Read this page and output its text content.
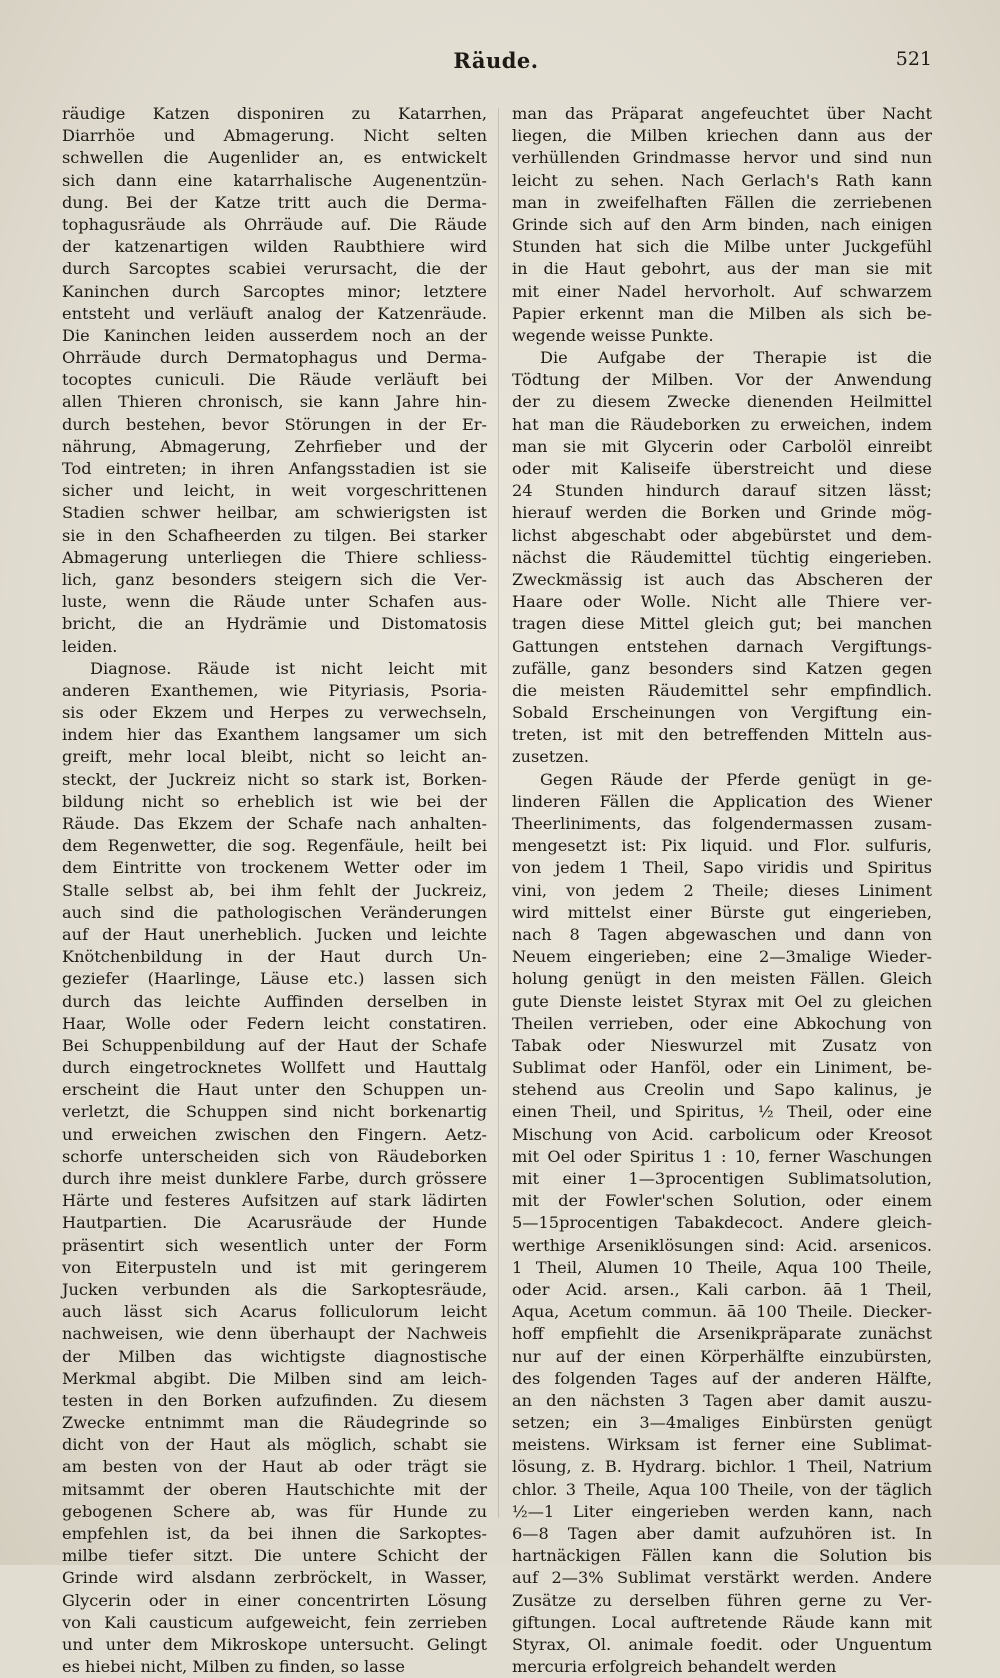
Räude.	521
räudige Katzen disponiren zu Katarrhen,
Diarrhöe und Abmagerung. Nicht selten
schwellen die Augenlider an, es entwickelt
sich dann eine katarrhalische Augenentzün-
dung. Bei der Katze tritt auch die Derma-
tophagusräude als Ohrräude auf. Die Räude
der katzenartigen wilden Raubthiere wird
durch Sarcoptes scabiei verursacht, die der
Kaninchen durch Sarcoptes minor; letztere
entsteht und verläuft analog der Katzenräude.
Die Kaninchen leiden ausserdem noch an der
Ohrräude durch Dermatophagus und Derma-
tocoptes cuniculi. Die Räude verläuft bei
allen Thieren chronisch, sie kann Jahre hin-
durch bestehen, bevor Störungen in der Er-
nährung, Abmagerung, Zehrfieber und der
Tod eintreten; in ihren Anfangsstadien ist sie
sicher und leicht, in weit vorgeschrittenen
Stadien schwer heilbar, am schwierigsten ist
sie in den Schafheerden zu tilgen. Bei starker
Abmagerung unterliegen die Thiere schliess-
lich, ganz besonders steigern sich die Ver-
luste, wenn die Räude unter Schafen aus-
bricht, die an Hydrämie und Distomatosis
leiden.
Diagnose. Räude ist nicht leicht mit
anderen Exanthemen, wie Pityriasis, Psoria-
sis oder Ekzem und Herpes zu verwechseln,
indem hier das Exanthem langsamer um sich
greift, mehr local bleibt, nicht so leicht an-
steckt, der Juckreiz nicht so stark ist, Borken-
bildung nicht so erheblich ist wie bei der
Räude. Das Ekzem der Schafe nach anhalten-
dem Regenwetter, die sog. Regenfäule, heilt bei
dem Eintritte von trockenem Wetter oder im
Stalle selbst ab, bei ihm fehlt der Juckreiz,
auch sind die pathologischen Veränderungen
auf der Haut unerheblich. Jucken und leichte
Knötchenbildung in der Haut durch Un-
geziefer (Haarlinge, Läuse etc.) lassen sich
durch das leichte Auffinden derselben in
Haar, Wolle oder Federn leicht constatiren.
Bei Schuppenbildung auf der Haut der Schafe
durch eingetrocknetes Wollfett und Hauttalg
erscheint die Haut unter den Schuppen un-
verletzt, die Schuppen sind nicht borkenartig
und erweichen zwischen den Fingern. Aetz-
schorfe unterscheiden sich von Räudeborken
durch ihre meist dunklere Farbe, durch grössere
Härte und festeres Aufsitzen auf stark lädirten
Hautpartien. Die Acarusräude der Hunde
präsentirt sich wesentlich unter der Form
von Eiterpusteln und ist mit geringerem
Jucken verbunden als die Sarkoptesräude,
auch lässt sich Acarus folliculorum leicht
nachweisen, wie denn überhaupt der Nachweis
der Milben das wichtigste diagnostische
Merkmal abgibt. Die Milben sind am leich-
testen in den Borken aufzufinden. Zu diesem
Zwecke entnimmt man die Räudegrinde so
dicht von der Haut als möglich, schabt sie
am besten von der Haut ab oder trägt sie
mitsammt der oberen Hautschichte mit der
gebogenen Schere ab, was für Hunde zu
empfehlen ist, da bei ihnen die Sarkoptes-
milbe tiefer sitzt. Die untere Schicht der
Grinde wird alsdann zerbröckelt, in Wasser,
Glycerin oder in einer concentrirten Lösung
von Kali causticum aufgeweicht, fein zerrieben
und unter dem Mikroskope untersucht. Gelingt
es hiebei nicht, Milben zu finden, so lasse
man das Präparat angefeuchtet über Nacht
liegen, die Milben kriechen dann aus der
verhüllenden Grindmasse hervor und sind nun
leicht zu sehen. Nach Gerlach's Rath kann
man in zweifelhaften Fällen die zerriebenen
Grinde sich auf den Arm binden, nach einigen
Stunden hat sich die Milbe unter Juckgefühl
in die Haut gebohrt, aus der man sie mit
mit einer Nadel hervorholt. Auf schwarzem
Papier erkennt man die Milben als sich be-
wegende weisse Punkte.
Die Aufgabe der Therapie ist die
Tödtung der Milben. Vor der Anwendung
der zu diesem Zwecke dienenden Heilmittel
hat man die Räudeborken zu erweichen, indem
man sie mit Glycerin oder Carbolöl einreibt
oder mit Kaliseife überstreicht und diese
24 Stunden hindurch darauf sitzen lässt;
hierauf werden die Borken und Grinde mög-
lichst abgeschabt oder abgebürstet und dem-
nächst die Räudemittel tüchtig eingerieben.
Zweckmässig ist auch das Abscheren der
Haare oder Wolle. Nicht alle Thiere ver-
tragen diese Mittel gleich gut; bei manchen
Gattungen entstehen darnach Vergiftungs-
zufälle, ganz besonders sind Katzen gegen
die meisten Räudemittel sehr empfindlich.
Sobald Erscheinungen von Vergiftung ein-
treten, ist mit den betreffenden Mitteln aus-
zusetzen.
Gegen Räude der Pferde genügt in ge-
linderen Fällen die Application des Wiener
Theerliniments, das folgendermassen zusam-
mengesetzt ist: Pix liquid. und Flor. sulfuris,
von jedem 1 Theil, Sapo viridis und Spiritus
vini, von jedem 2 Theile; dieses Liniment
wird mittelst einer Bürste gut eingerieben,
nach 8 Tagen abgewaschen und dann von
Neuem eingerieben; eine 2—3malige Wieder-
holung genügt in den meisten Fällen. Gleich
gute Dienste leistet Styrax mit Oel zu gleichen
Theilen verrieben, oder eine Abkochung von
Tabak oder Nieswurzel mit Zusatz von
Sublimat oder Hanföl, oder ein Liniment, be-
stehend aus Creolin und Sapo kalinus, je
einen Theil, und Spiritus, ½ Theil, oder eine
Mischung von Acid. carbolicum oder Kreosot
mit Oel oder Spiritus 1 : 10, ferner Waschungen
mit einer 1—3procentigen Sublimatsolution,
mit der Fowler'schen Solution, oder einem
5—15procentigen Tabakdecoct. Andere gleich-
werthige Arseniklösungen sind: Acid. arsenicos.
1 Theil, Alumen 10 Theile, Aqua 100 Theile,
oder Acid. arsen., Kali carbon. āā 1 Theil,
Aqua, Acetum commun. āā 100 Theile. Diecker-
hoff empfiehlt die Arsenikpräparate zunächst
nur auf der einen Körperhälfte einzubürsten,
des folgenden Tages auf der anderen Hälfte,
an den nächsten 3 Tagen aber damit auszu-
setzen; ein 3—4maliges Einbürsten genügt
meistens. Wirksam ist ferner eine Sublimat-
lösung, z. B. Hydrarg. bichlor. 1 Theil, Natrium
chlor. 3 Theile, Aqua 100 Theile, von der täglich
½—1 Liter eingerieben werden kann, nach
6—8 Tagen aber damit aufzuhören ist. In
hartnäckigen Fällen kann die Solution bis
auf 2—3% Sublimat verstärkt werden. Andere
Zusätze zu derselben führen gerne zu Ver-
giftungen. Local auftretende Räude kann mit
Styrax, Ol. animale foedit. oder Unguentum
mercuria erfolgreich behandelt werden
